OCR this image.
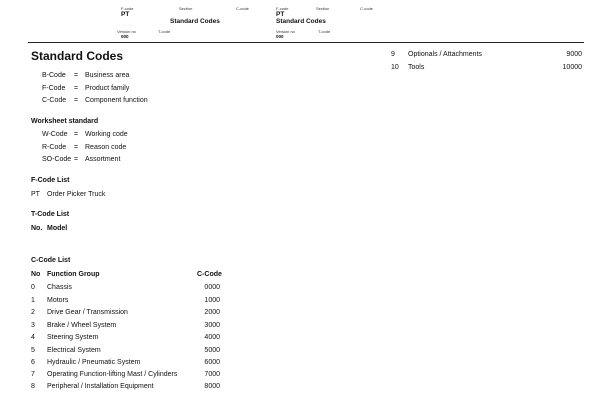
F-code
PT
Section
Standard Codes
C-code
Version no
000
T-code
F-code
PT
Section
Standard Codes
C-code
Version no
000
T-code
Standard Codes
B-Code = Business area
F-Code = Product family
C-Code = Component function
Worksheet standard
W-Code = Working code
R-Code = Reason code
SO-Code = Assortment
F-Code List
PT Order Picker Truck
T-Code List
No. Model
C-Code List
No Function Group	C-Code
0 Chassis	0000
1 Motors	1000
2 Drive Gear / Transmission	2000
3 Brake / Wheel System	3000
4 Steering System	4000
5 Electrical System	5000
6 Hydraulic / Pneumatic System	6000
7 Operating Function-lifting Mast / Cylinders	7000
8 Peripheral / Installation Equipment	8000
9 Optionals / Attachments	9000
10 Tools	10000
